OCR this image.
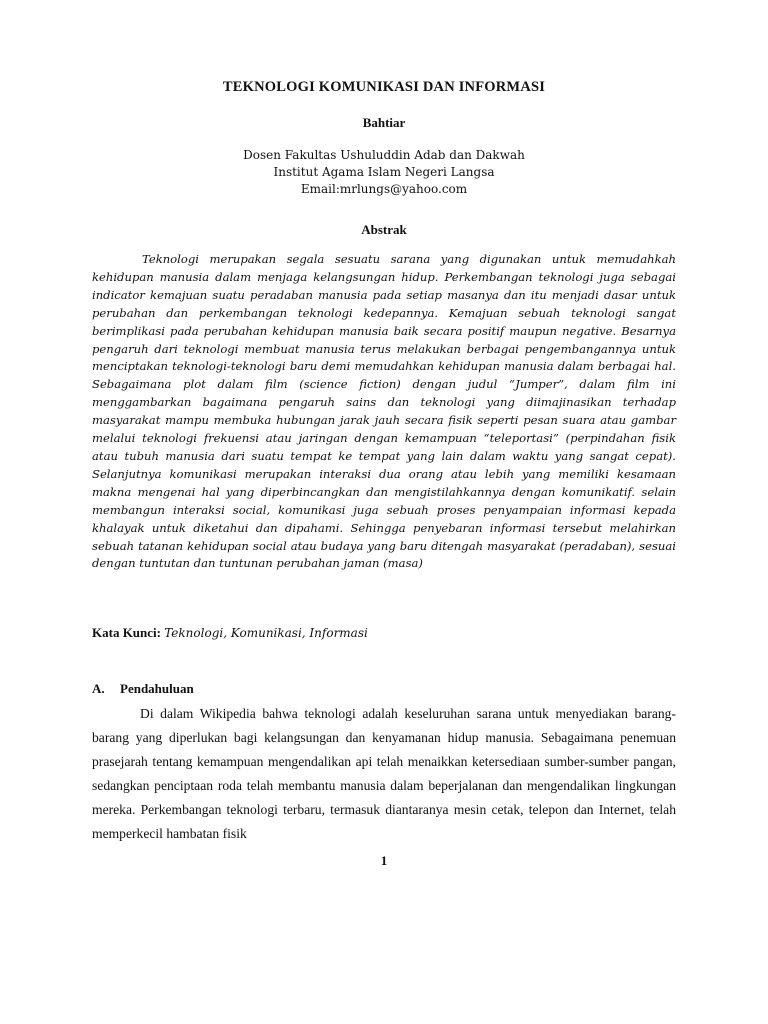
TEKNOLOGI KOMUNIKASI DAN INFORMASI
Bahtiar
Dosen Fakultas Ushuluddin Adab dan Dakwah
Institut Agama Islam Negeri Langsa
Email:mrlungs@yahoo.com
Abstrak

Teknologi merupakan segala sesuatu sarana yang digunakan untuk memudahkah kehidupan manusia dalam menjaga kelangsungan hidup. Perkembangan teknologi juga sebagai indicator kemajuan suatu peradaban manusia pada setiap masanya dan itu menjadi dasar untuk perubahan dan perkembangan teknologi kedepannya. Kemajuan sebuah teknologi sangat berimplikasi pada perubahan kehidupan manusia baik secara positif maupun negative. Besarnya pengaruh dari teknologi membuat manusia terus melakukan berbagai pengembangannya untuk menciptakan teknologi-teknologi baru demi memudahkan kehidupan manusia dalam berbagai hal. Sebagaimana plot dalam film (science fiction) dengan judul “Jumper”, dalam film ini menggambarkan bagaimana pengaruh sains dan teknologi yang diimajinasikan terhadap masyarakat mampu membuka hubungan jarak jauh secara fisik seperti pesan suara atau gambar melalui teknologi frekuensi atau jaringan dengan kemampuan “teleportasi” (perpindahan fisik atau tubuh manusia dari suatu tempat ke tempat yang lain dalam waktu yang sangat cepat). Selanjutnya komunikasi merupakan interaksi dua orang atau lebih yang memiliki kesamaan makna mengenai hal yang diperbincangkan dan mengistilahkannya dengan komunikatif. selain membangun interaksi social, komunikasi juga sebuah proses penyampaian informasi kepada khalayak untuk diketahui dan dipahami. Sehingga penyebaran informasi tersebut melahirkan sebuah tatanan kehidupan social atau budaya yang baru ditengah masyarakat (peradaban), sesuai dengan tuntutan dan tuntunan perubahan jaman (masa)

Kata Kunci: Teknologi, Komunikasi, Informasi
A. Pendahuluan

Di dalam Wikipedia bahwa teknologi adalah keseluruhan sarana untuk menyediakan barang-barang yang diperlukan bagi kelangsungan dan kenyamanan hidup manusia. Sebagaimana penemuan prasejarah tentang kemampuan mengendalikan api telah menaikkan ketersediaan sumber-sumber pangan, sedangkan penciptaan roda telah membantu manusia dalam beperjalanan dan mengendalikan lingkungan mereka. Perkembangan teknologi terbaru, termasuk diantaranya mesin cetak, telepon dan Internet, telah memperkecil hambatan fisik

1
